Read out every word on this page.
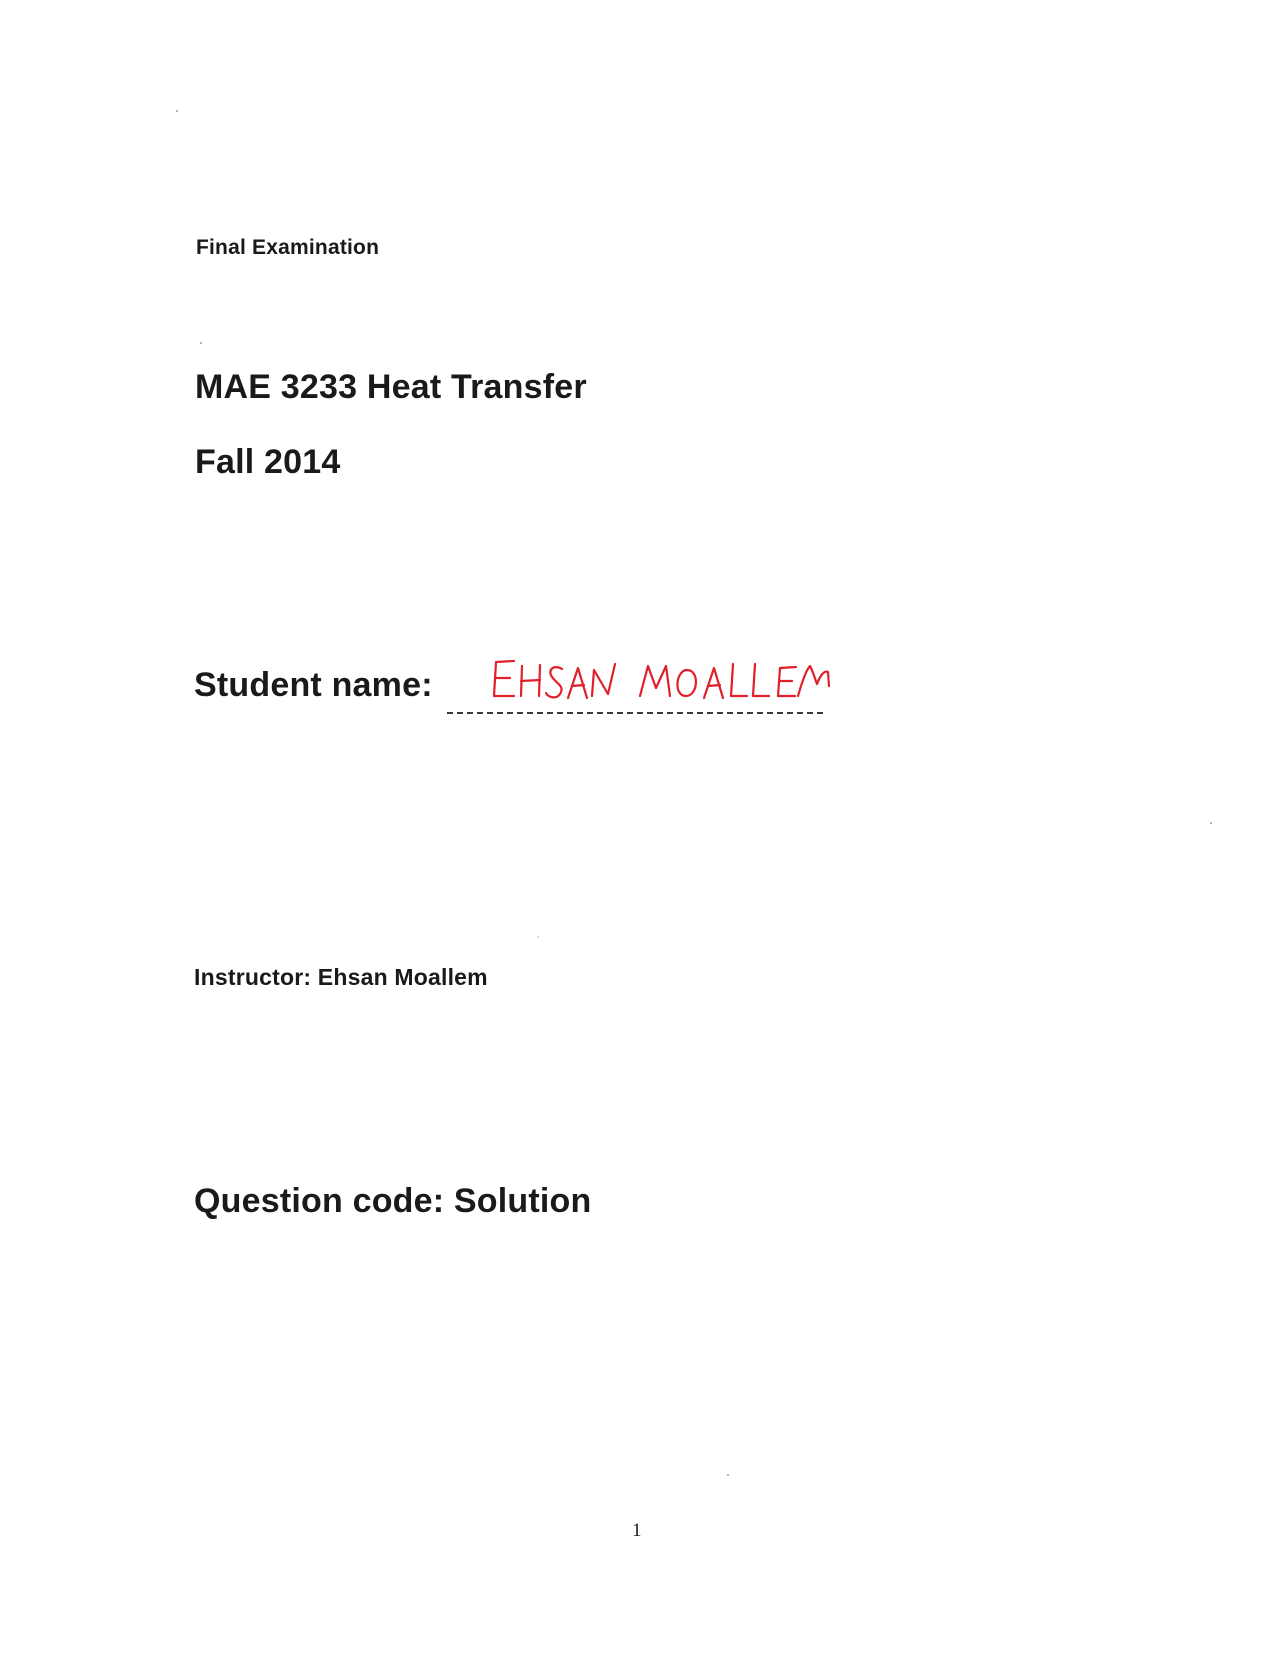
Final Examination
MAE 3233 Heat Transfer
Fall 2014
Student name:
Instructor: Ehsan Moallem
Question code: Solution
1
